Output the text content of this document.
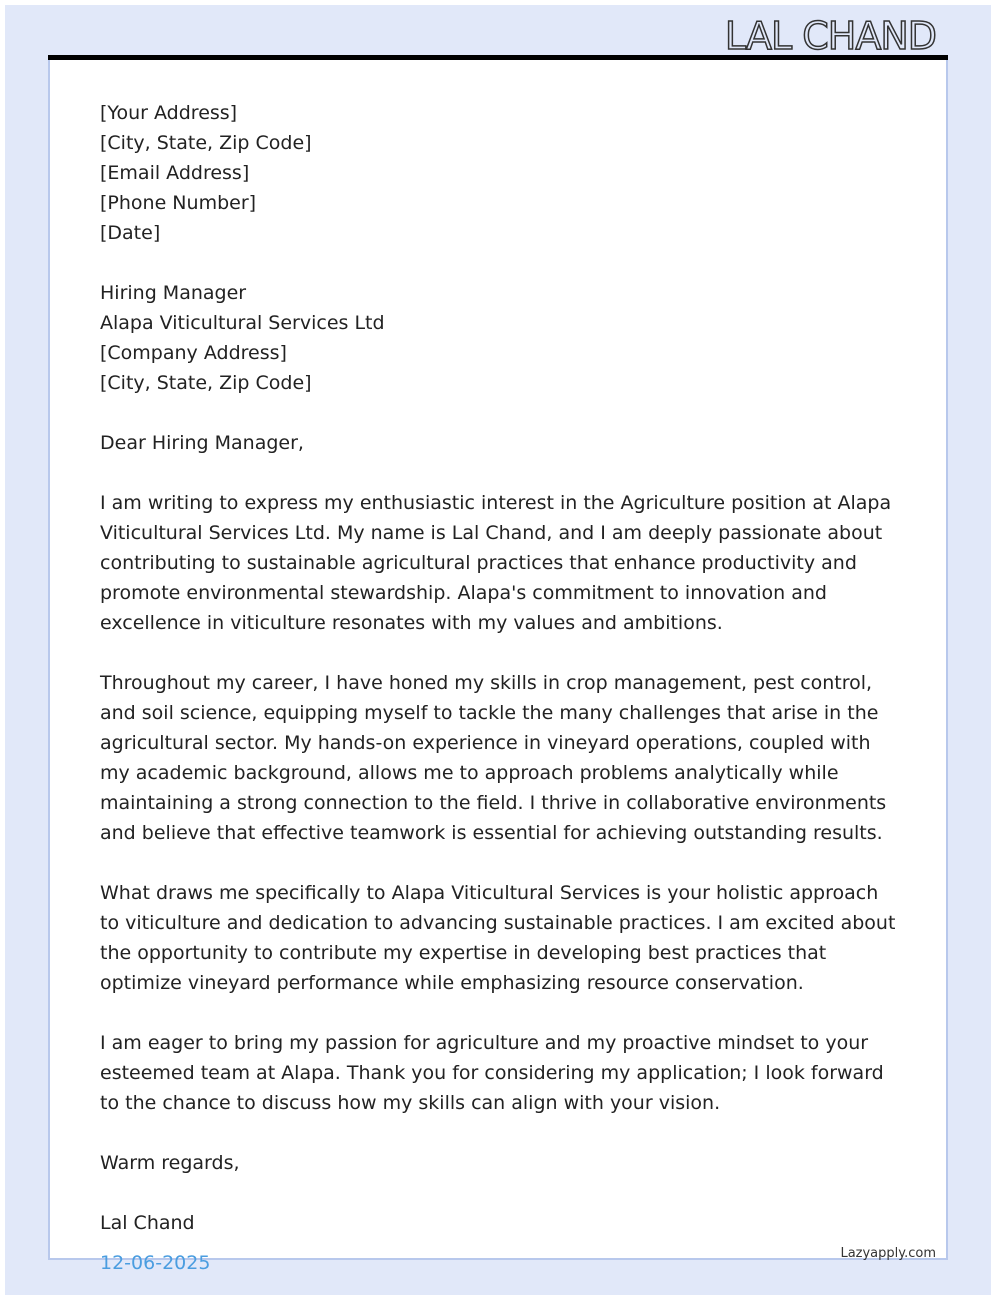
LAL CHAND
[Your Address]
[City, State, Zip Code]
[Email Address]
[Phone Number]
[Date]
Hiring Manager
Alapa Viticultural Services Ltd
[Company Address]
[City, State, Zip Code]

Dear Hiring Manager,

I am writing to express my enthusiastic interest in the Agriculture position at Alapa Viticultural Services Ltd. My name is Lal Chand, and I am deeply passionate about contributing to sustainable agricultural practices that enhance productivity and promote environmental stewardship. Alapa's commitment to innovation and excellence in viticulture resonates with my values and ambitions.

Throughout my career, I have honed my skills in crop management, pest control, and soil science, equipping myself to tackle the many challenges that arise in the agricultural sector. My hands-on experience in vineyard operations, coupled with my academic background, allows me to approach problems analytically while maintaining a strong connection to the field. I thrive in collaborative environments and believe that effective teamwork is essential for achieving outstanding results.

What draws me specifically to Alapa Viticultural Services is your holistic approach to viticulture and dedication to advancing sustainable practices. I am excited about the opportunity to contribute my expertise in developing best practices that optimize vineyard performance while emphasizing resource conservation.

I am eager to bring my passion for agriculture and my proactive mindset to your esteemed team at Alapa. Thank you for considering my application; I look forward to the chance to discuss how my skills can align with your vision.

Warm regards,

Lal Chand

12-06-2025	Lazyapply.com
